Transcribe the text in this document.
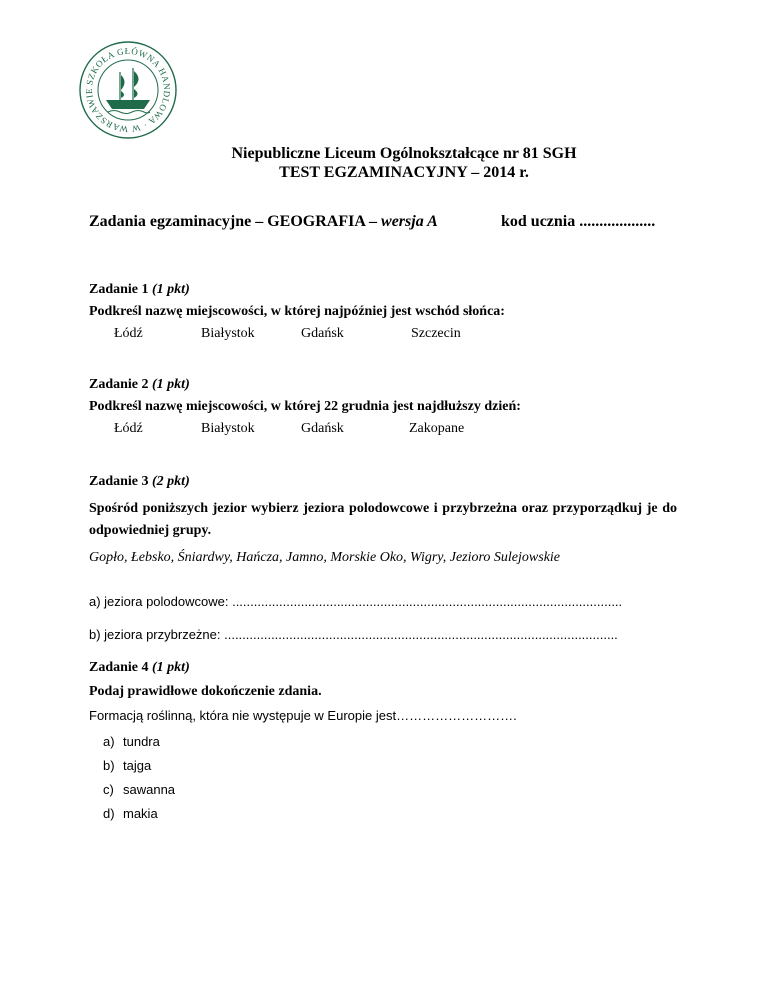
SZKOŁA GŁÓWNA HANDLOWA · W WARSZAWIE
Niepubliczne Liceum Ogólnokształcące nr 81 SGH
TEST EGZAMINACYJNY – 2014 r.
Zadania egzaminacyjne – GEOGRAFIA – wersja A	kod ucznia ...................
Zadanie 1 (1 pkt)
Podkreśl nazwę miejscowości, w której najpóźniej jest wschód słońca:
Łódź	Białystok	Gdańsk	Szczecin
Zadanie 2 (1 pkt)
Podkreśl nazwę miejscowości, w której 22 grudnia jest najdłuższy dzień:
Łódź	Białystok	Gdańsk	Zakopane
Zadanie 3 (2 pkt)
Spośród poniższych jezior wybierz jeziora polodowcowe i przybrzeżna oraz przyporządkuj je do odpowiedniej grupy.
Gopło, Łebsko, Śniardwy, Hańcza, Jamno, Morskie Oko, Wigry, Jezioro Sulejowskie
a) jeziora polodowcowe: ............................................................................................................
b) jeziora przybrzeżne: .............................................................................................................
Zadanie 4 (1 pkt)
Podaj prawidłowe dokończenie zdania.
Formacją roślinną, która nie występuje w Europie jest……………………….
a) tundra
b) tajga
c) sawanna
d) makia
